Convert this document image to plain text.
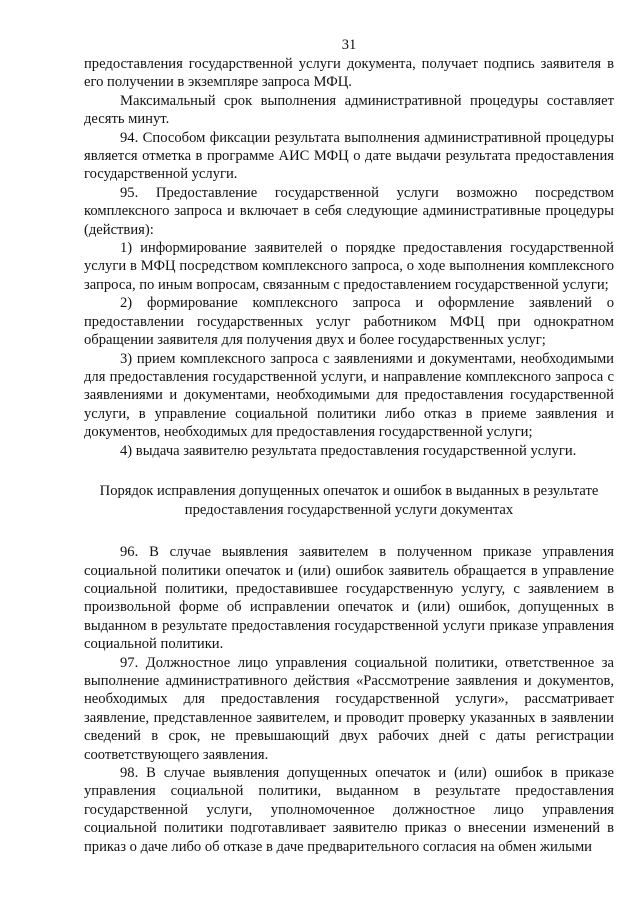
31

предоставления государственной услуги документа, получает подпись заявителя в его получении в экземпляре запроса МФЦ.

Максимальный срок выполнения административной процедуры составляет десять минут.

94. Способом фиксации результата выполнения административной процедуры является отметка в программе АИС МФЦ о дате выдачи результата предоставления государственной услуги.

95. Предоставление государственной услуги возможно посредством комплексного запроса и включает в себя следующие административные процедуры (действия):

1) информирование заявителей о порядке предоставления государственной услуги в МФЦ посредством комплексного запроса, о ходе выполнения комплексного запроса, по иным вопросам, связанным с предоставлением государственной услуги;

2) формирование комплексного запроса и оформление заявлений о предоставлении государственных услуг работником МФЦ при однократном обращении заявителя для получения двух и более государственных услуг;

3) прием комплексного запроса с заявлениями и документами, необходимыми для предоставления государственной услуги, и направление комплексного запроса с заявлениями и документами, необходимыми для предоставления государственной услуги, в управление социальной политики либо отказ в приеме заявления и документов, необходимых для предоставления государственной услуги;

4) выдача заявителю результата предоставления государственной услуги.

Порядок исправления допущенных опечаток и ошибок в выданных в результате предоставления государственной услуги документах

96. В случае выявления заявителем в полученном приказе управления социальной политики опечаток и (или) ошибок заявитель обращается в управление социальной политики, предоставившее государственную услугу, с заявлением в произвольной форме об исправлении опечаток и (или) ошибок, допущенных в выданном в результате предоставления государственной услуги приказе управления социальной политики.

97. Должностное лицо управления социальной политики, ответственное за выполнение административного действия «Рассмотрение заявления и документов, необходимых для предоставления государственной услуги», рассматривает заявление, представленное заявителем, и проводит проверку указанных в заявлении сведений в срок, не превышающий двух рабочих дней с даты регистрации соответствующего заявления.

98. В случае выявления допущенных опечаток и (или) ошибок в приказе управления социальной политики, выданном в результате предоставления государственной услуги, уполномоченное должностное лицо управления социальной политики подготавливает заявителю приказ о внесении изменений в приказ о даче либо об отказе в даче предварительного согласия на обмен жилыми
